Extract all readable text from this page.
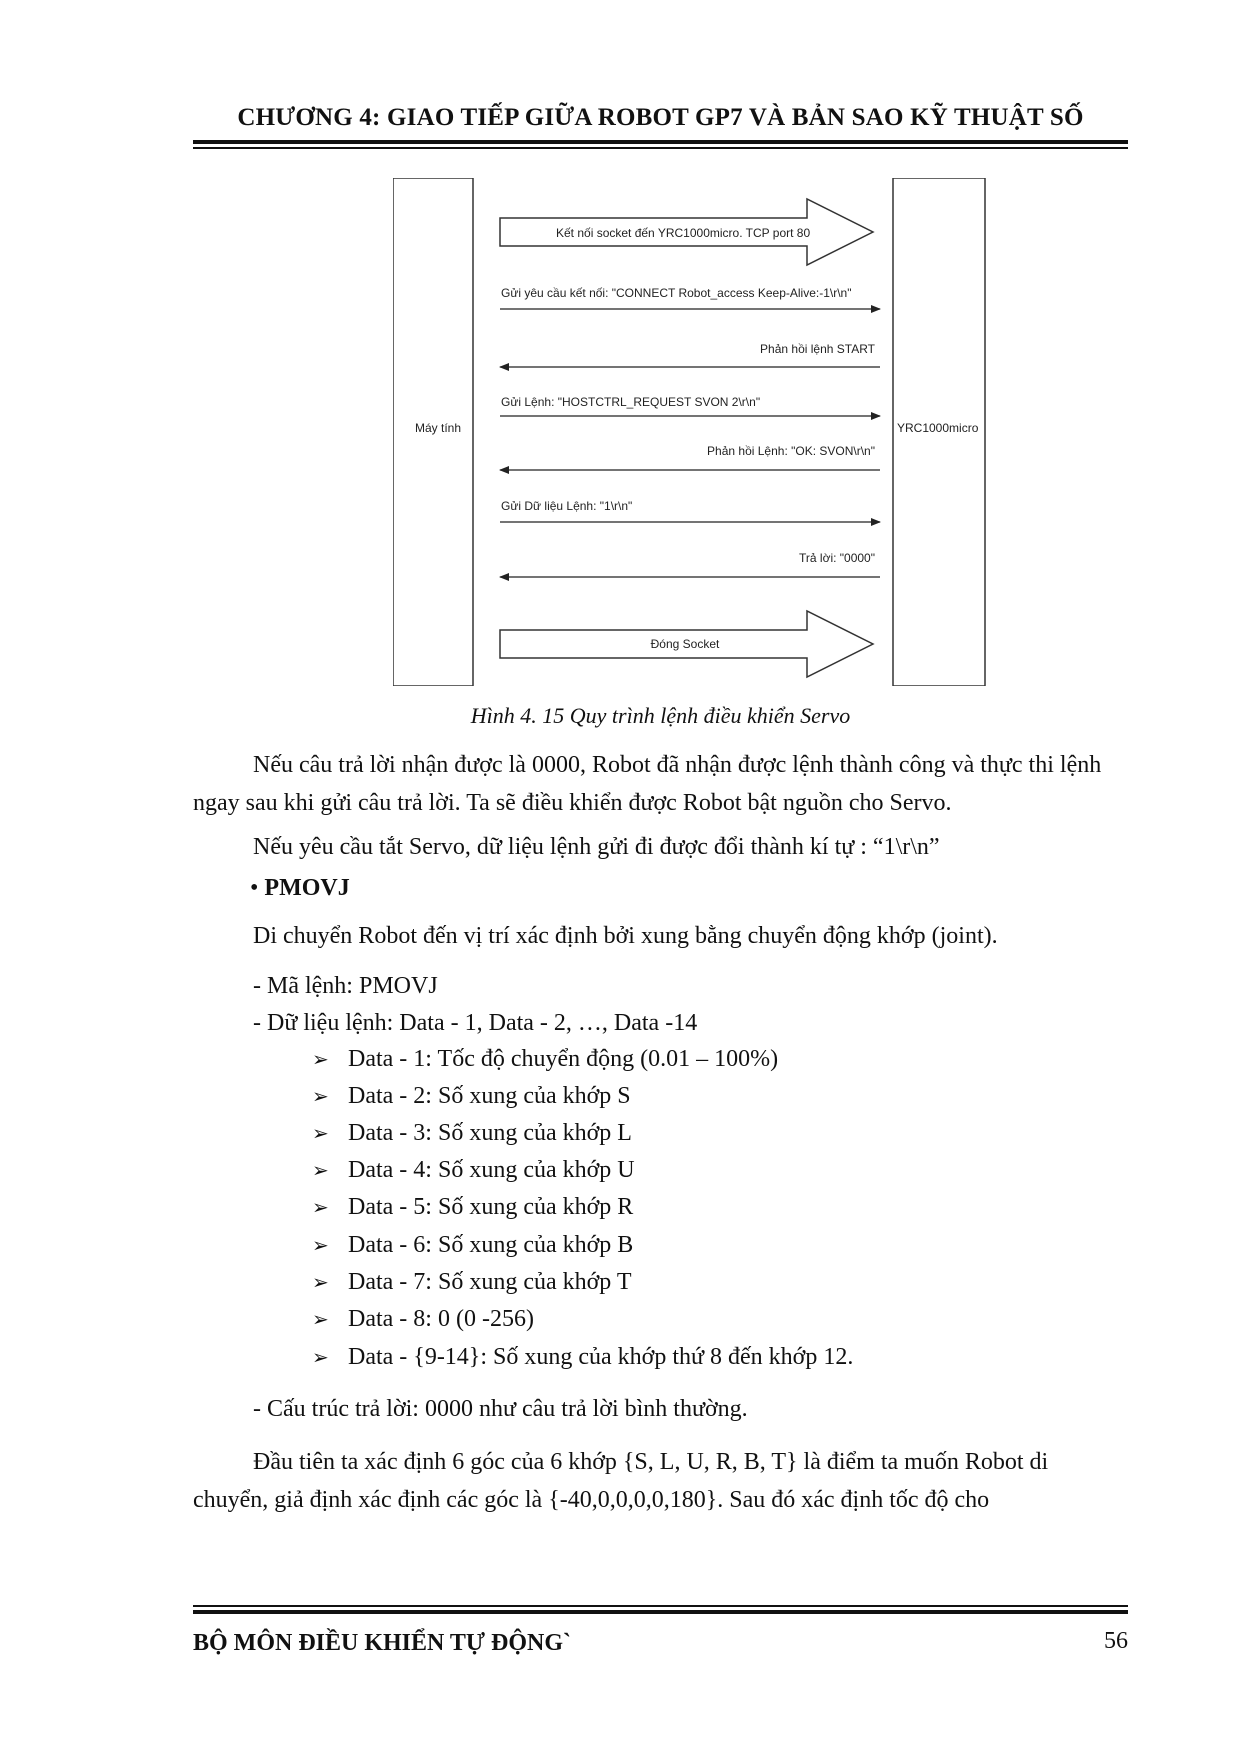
CHƯƠNG 4: GIAO TIẾP GIỮA ROBOT GP7 VÀ BẢN SAO KỸ THUẬT SỐ
Máy tính	YRC1000micro
Kết nối socket đến YRC1000micro. TCP port 80
Gửi yêu cầu kết nối: "CONNECT Robot_access Keep-Alive:-1\r\n"
Phản hồi lệnh START
Gửi Lệnh: "HOSTCTRL_REQUEST SVON 2\r\n"
Phản hồi Lệnh: "OK: SVON\r\n"
Gửi Dữ liệu Lệnh: "1\r\n"
Trả lời: "0000"
Đóng Socket
Hình 4. 15 Quy trình lệnh điều khiển Servo
Nếu câu trả lời nhận được là 0000, Robot đã nhận được lệnh thành công và thực thi lệnh ngay sau khi gửi câu trả lời. Ta sẽ điều khiển được Robot bật nguồn cho Servo.
Nếu yêu cầu tắt Servo, dữ liệu lệnh gửi đi được đổi thành kí tự : “1\r\n”
• PMOVJ
Di chuyển Robot đến vị trí xác định bởi xung bằng chuyển động khớp (joint).
- Mã lệnh: PMOVJ
- Dữ liệu lệnh: Data - 1, Data - 2, …, Data -14
➢ Data - 1: Tốc độ chuyển động (0.01 – 100%)
➢ Data - 2: Số xung của khớp S
➢ Data - 3: Số xung của khớp L
➢ Data - 4: Số xung của khớp U
➢ Data - 5: Số xung của khớp R
➢ Data - 6: Số xung của khớp B
➢ Data - 7: Số xung của khớp T
➢ Data - 8: 0 (0 -256)
➢ Data - {9-14}: Số xung của khớp thứ 8 đến khớp 12.
- Cấu trúc trả lời: 0000 như câu trả lời bình thường.
Đầu tiên ta xác định 6 góc của 6 khớp {S, L, U, R, B, T} là điểm ta muốn Robot di chuyển, giả định xác định các góc là {-40,0,0,0,0,180}. Sau đó xác định tốc độ cho
BỘ MÔN ĐIỀU KHIỂN TỰ ĐỘNG`	56
